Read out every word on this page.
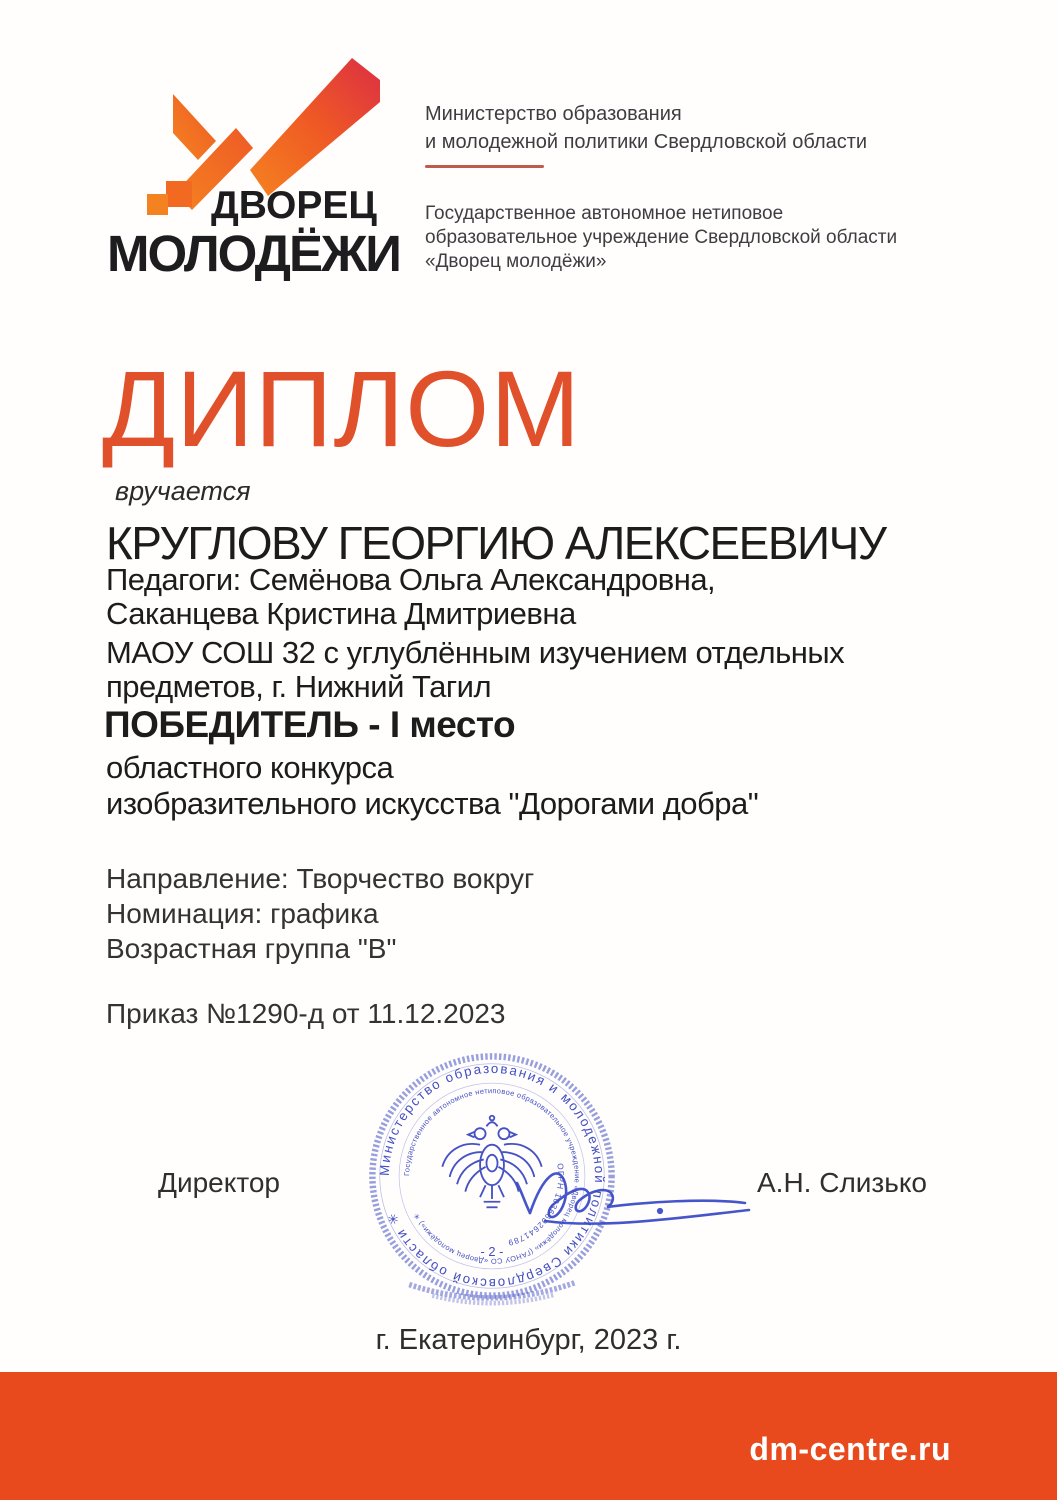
ДВОРЕЦ
МОЛОДЁЖИ
Министерство образования
и молодежной политики Свердловской области
Государственное автономное нетиповое
образовательное учреждение Свердловской области
«Дворец молодёжи»
ДИПЛОМ
вручается
КРУГЛОВУ ГЕОРГИЮ АЛЕКСЕЕВИЧУ
Педагоги: Семёнова Ольга Александровна,
Саканцева Кристина Дмитриевна
МАОУ СОШ 32 с углублённым изучением отдельных
предметов, г. Нижний Тагил
ПОБЕДИТЕЛЬ - I место
областного конкурса
изобразительного искусства "Дорогами добра"
Направление: Творчество вокруг
Номинация: графика
Возрастная группа "В"
Приказ №1290-д от 11.12.2023
Директор	А.Н. Слизько
Министерство образования и молодежной политики Свердловской области ✳
Государственное автономное нетиповое образовательное учреждение «Дворец молодёжи» (ГАНОУ СО «Дворец молодёжи») ✳
ОГРН 1036602641789
- 2 -
г. Екатеринбург, 2023 г.
dm-centre.ru
